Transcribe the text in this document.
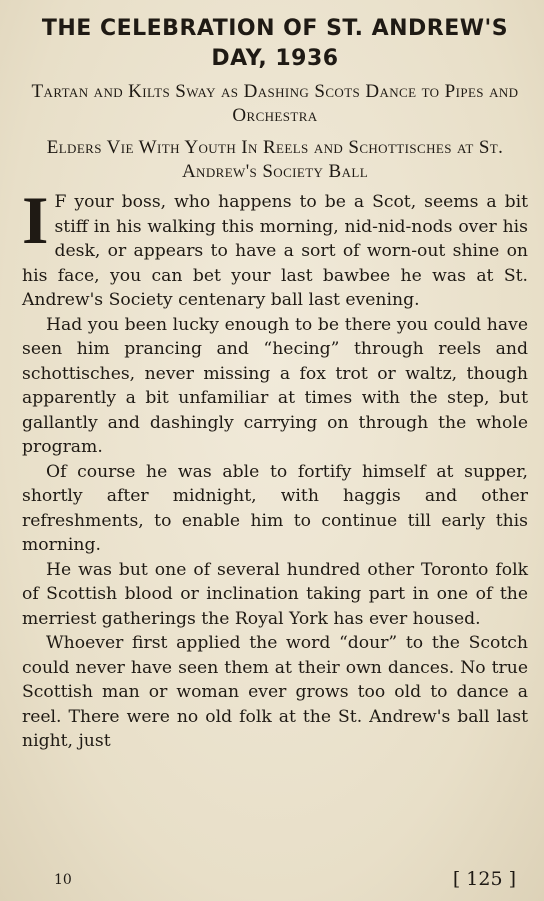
THE CELEBRATION OF ST. ANDREW'S DAY, 1936

Tartan and Kilts Sway as Dashing Scots Dance to Pipes and Orchestra

Elders Vie With Youth In Reels and Schottisches at St. Andrew's Society Ball

I F your boss, who happens to be a Scot, seems a bit stiff in his walking this morning, nid-nid-nods over his desk, or appears to have a sort of worn-out shine on his face, you can bet your last bawbee he was at St. Andrew's Society centenary ball last evening.

Had you been lucky enough to be there you could have seen him prancing and “hecing” through reels and schottisches, never missing a fox trot or waltz, though apparently a bit unfamiliar at times with the step, but gallantly and dashingly carrying on through the whole program.

Of course he was able to fortify himself at supper, shortly after midnight, with haggis and other refreshments, to enable him to continue till early this morning.

He was but one of several hundred other Toronto folk of Scottish blood or inclination taking part in one of the merriest gatherings the Royal York has ever housed.

Whoever first applied the word “dour” to the Scotch could never have seen them at their own dances. No true Scottish man or woman ever grows too old to dance a reel. There were no old folk at the St. Andrew's ball last night, just

10	[ 125 ]
